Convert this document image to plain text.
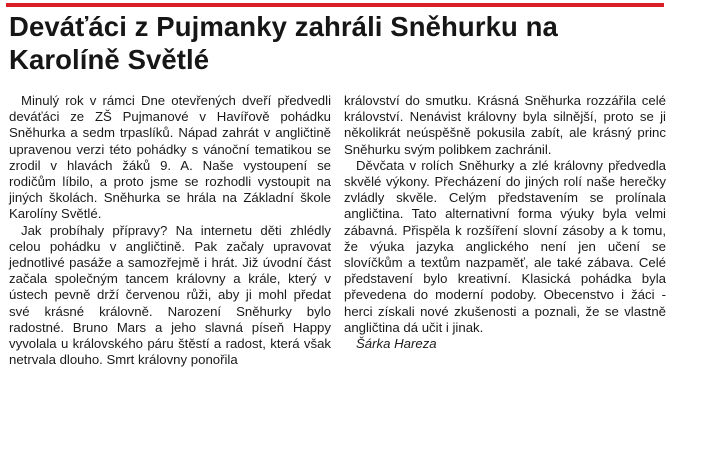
Deváťáci z Pujmanky zahráli Sněhurku na Karolíně Světlé

Minulý rok v rámci Dne otevřených dveří předvedli deváťáci ze ZŠ Pujmanové v Havířově pohádku Sněhurka a sedm trpaslíků. Nápad zahrát v angličtině upravenou verzi této pohádky s vánoční tematikou se zrodil v hlavách žáků 9. A. Naše vystoupení se rodičům líbilo, a proto jsme se rozhodli vystoupit na jiných školách. Sněhurka se hrála na Základní škole Karolíny Světlé.

Jak probíhaly přípravy? Na internetu děti zhlédly celou pohádku v angličtině. Pak začaly upravovat jednotlivé pasáže a samozřejmě i hrát. Již úvodní část začala společným tancem královny a krále, který v ústech pevně drží červenou růži, aby ji mohl předat své krásné královně. Narození Sněhurky bylo radostné. Bruno Mars a jeho slavná píseň Happy vyvolala u královského páru štěstí a radost, která však netrvala dlouho. Smrt královny ponořila

království do smutku. Krásná Sněhurka rozzářila celé království. Nenávist královny byla silnější, proto se ji několikrát neúspěšně pokusila zabít, ale krásný princ Sněhurku svým polibkem zachránil.

Děvčata v rolích Sněhurky a zlé královny předvedla skvělé výkony. Přecházení do jiných rolí naše herečky zvládly skvěle. Celým představením se prolínala angličtina. Tato alternativní forma výuky byla velmi zábavná. Přispěla k rozšíření slovní zásoby a k tomu, že výuka jazyka anglického není jen učení se slovíčkům a textům nazpaměť, ale také zábava. Celé představení bylo kreativní. Klasická pohádka byla převedena do moderní podoby. Obecenstvo i žáci - herci získali nové zkušenosti a poznali, že se vlastně angličtina dá učit i jinak.

Šárka Hareza
